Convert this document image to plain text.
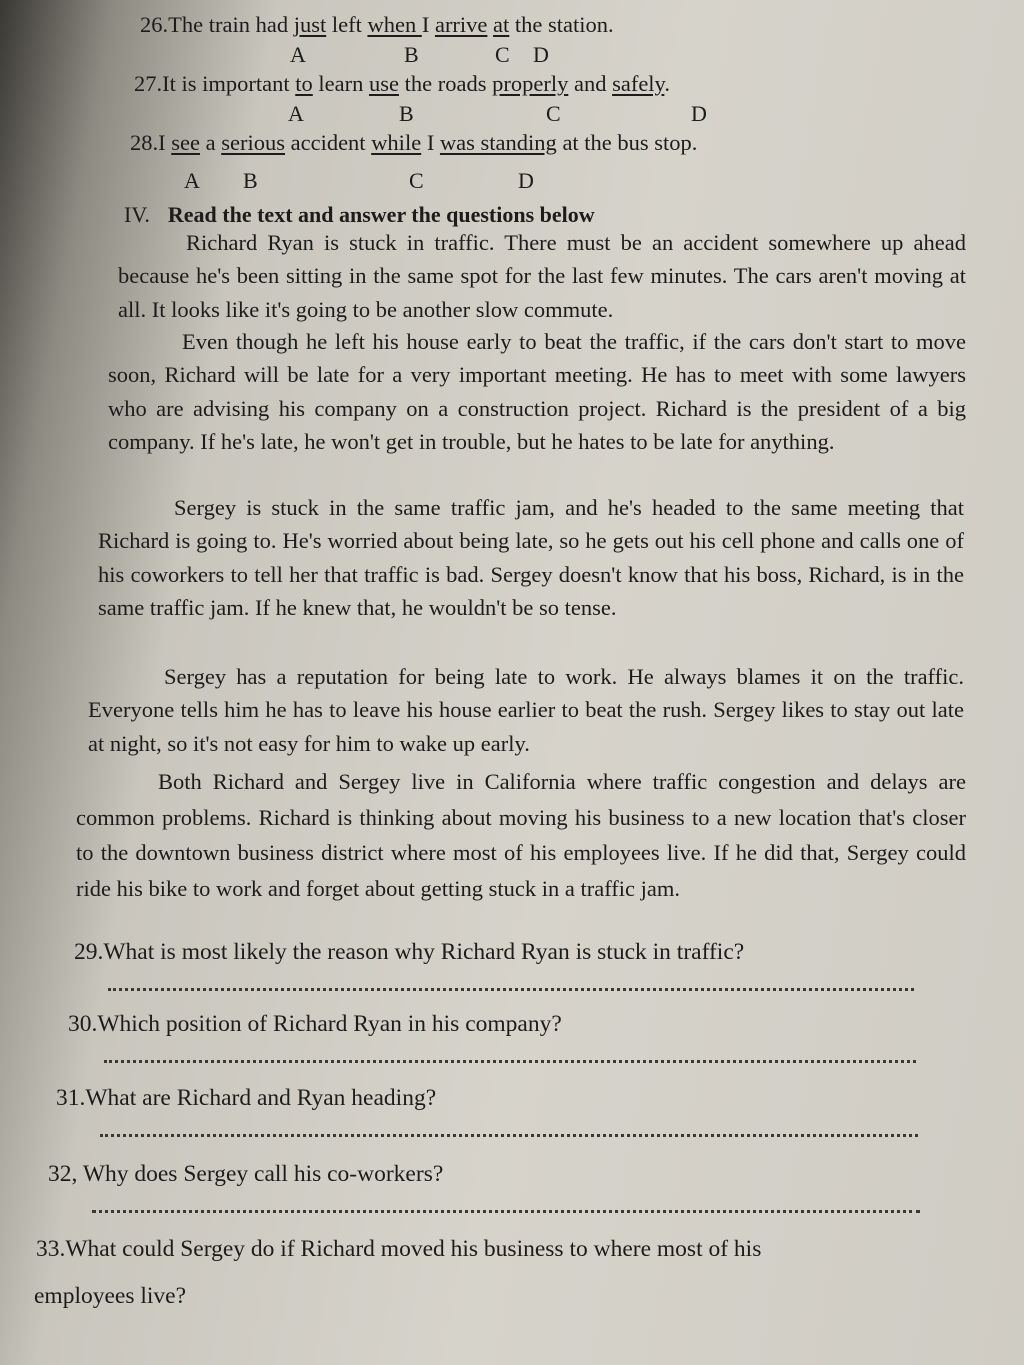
26.The train had just left when I arrive at the station.
A	B	C D
27.It is important to learn use the roads properly and safely.
A	B	C	D
28.I see a serious accident while I was standing at the bus stop.
A B	C	D
IV. Read the text and answer the questions below
Richard Ryan is stuck in traffic. There must be an accident somewhere up ahead because he's been sitting in the same spot for the last few minutes. The cars aren't moving at all. It looks like it's going to be another slow commute.
Even though he left his house early to beat the traffic, if the cars don't start to move soon, Richard will be late for a very important meeting. He has to meet with some lawyers who are advising his company on a construction project. Richard is the president of a big company. If he's late, he won't get in trouble, but he hates to be late for anything.
Sergey is stuck in the same traffic jam, and he's headed to the same meeting that Richard is going to. He's worried about being late, so he gets out his cell phone and calls one of his coworkers to tell her that traffic is bad. Sergey doesn't know that his boss, Richard, is in the same traffic jam. If he knew that, he wouldn't be so tense.
Sergey has a reputation for being late to work. He always blames it on the traffic. Everyone tells him he has to leave his house earlier to beat the rush. Sergey likes to stay out late at night, so it's not easy for him to wake up early.
Both Richard and Sergey live in California where traffic congestion and delays are common problems. Richard is thinking about moving his business to a new location that's closer to the downtown business district where most of his employees live. If he did that, Sergey could ride his bike to work and forget about getting stuck in a traffic jam.
29.What is most likely the reason why Richard Ryan is stuck in traffic?
30.Which position of Richard Ryan in his company?
31.What are Richard and Ryan heading?
32, Why does Sergey call his co-workers?
33.What could Sergey do if Richard moved his business to where most of his
employees live?
